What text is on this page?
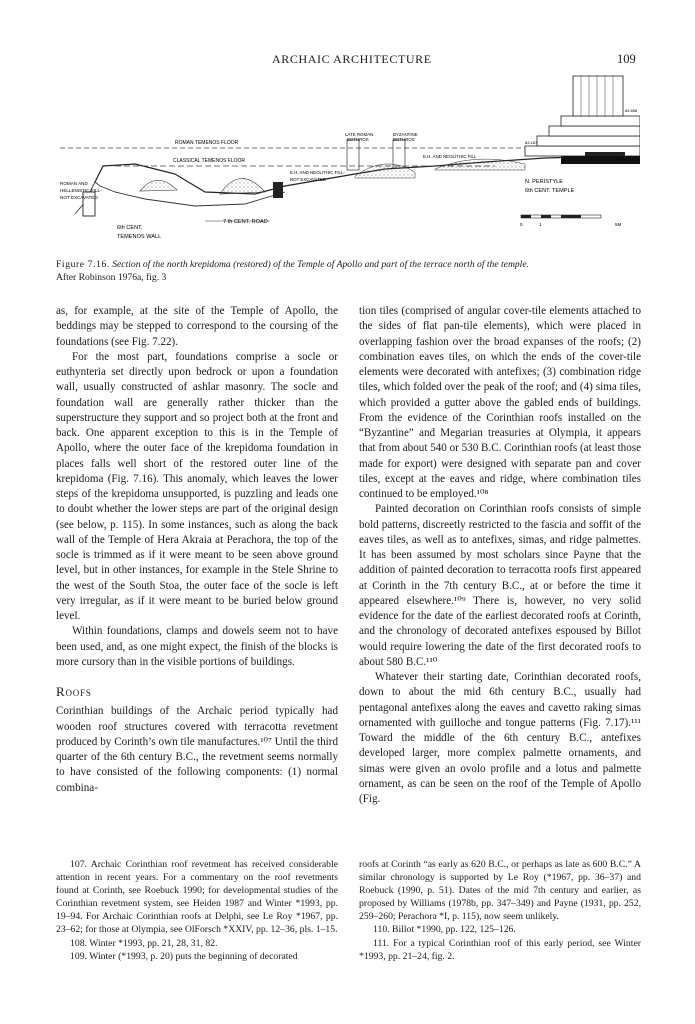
ARCHAIC ARCHITECTURE	109
ROMAN TEMENOS FLOOR
CLASSICAL TEMENOS FLOOR
ROMAN AND
HELLENISTIC FILL-
NOT EXCAVATED
LATE ROMAN
BOTHROS
BYZANTINE
BOTHROS
E.H. AND NEOLITHIC FILL
E.H. AND NEOLITHIC FILL-
NOT EXCAVATED
6th CENT.
TEMENOS WALL
7 th CENT. ROAD
N. PERISTYLE
6th CENT. TEMPLE
84.858
83.187
82.394
0	1	5M
Figure 7.16. Section of the north krepidoma (restored) of the Temple of Apollo and part of the terrace north of the temple.
After Robinson 1976a, fig. 3

as, for example, at the site of the Temple of Apollo, the beddings may be stepped to correspond to the coursing of the foundations (see Fig. 7.22).

For the most part, foundations comprise a socle or euthynteria set directly upon bedrock or upon a foundation wall, usually constructed of ashlar masonry. The socle and foundation wall are generally rather thicker than the superstructure they support and so project both at the front and back. One apparent exception to this is in the Temple of Apollo, where the outer face of the krepidoma foundation in places falls well short of the restored outer line of the krepidoma (Fig. 7.16). This anomaly, which leaves the lower steps of the krepidoma unsupported, is puzzling and leads one to doubt whether the lower steps are part of the original design (see below, p. 115). In some instances, such as along the back wall of the Temple of Hera Akraia at Perachora, the top of the socle is trimmed as if it were meant to be seen above ground level, but in other instances, for example in the Stele Shrine to the west of the South Stoa, the outer face of the socle is left very irregular, as if it were meant to be buried below ground level.

Within foundations, clamps and dowels seem not to have been used, and, as one might expect, the finish of the blocks is more cursory than in the visible portions of buildings.

Roofs

Corinthian buildings of the Archaic period typically had wooden roof structures covered with terracotta revetment produced by Corinth’s own tile manufactures.¹⁰⁷ Until the third quarter of the 6th century B.C., the revetment seems normally to have consisted of the following components: (1) normal combina-

tion tiles (comprised of angular cover-tile elements attached to the sides of flat pan-tile elements), which were placed in overlapping fashion over the broad expanses of the roofs; (2) combination eaves tiles, on which the ends of the cover-tile elements were decorated with antefixes; (3) combination ridge tiles, which folded over the peak of the roof; and (4) sima tiles, which provided a gutter above the gabled ends of buildings. From the evidence of the Corinthian roofs installed on the “Byzantine” and Megarian treasuries at Olympia, it appears that from about 540 or 530 B.C. Corinthian roofs (at least those made for export) were designed with separate pan and cover tiles, except at the eaves and ridge, where combination tiles continued to be employed.¹⁰⁸

Painted decoration on Corinthian roofs consists of simple bold patterns, discreetly restricted to the fascia and soffit of the eaves tiles, as well as to antefixes, simas, and ridge palmettes. It has been assumed by most scholars since Payne that the addition of painted decoration to terracotta roofs first appeared at Corinth in the 7th century B.C., at or before the time it appeared elsewhere.¹⁰⁹ There is, however, no very solid evidence for the date of the earliest decorated roofs at Corinth, and the chronology of decorated antefixes espoused by Billot would require lowering the date of the first decorated roofs to about 580 B.C.¹¹⁰

Whatever their starting date, Corinthian decorated roofs, down to about the mid 6th century B.C., usually had pentagonal antefixes along the eaves and cavetto raking simas ornamented with guilloche and tongue patterns (Fig. 7.17).¹¹¹ Toward the middle of the 6th century B.C., antefixes developed larger, more complex palmette ornaments, and simas were given an ovolo profile and a lotus and palmette ornament, as can be seen on the roof of the Temple of Apollo (Fig.

107. Archaic Corinthian roof revetment has received considerable attention in recent years. For a commentary on the roof revetments found at Corinth, see Roebuck 1990; for developmental studies of the Corinthian revetment system, see Heiden 1987 and Winter *1993, pp. 19–94. For Archaic Corinthian roofs at Delphi, see Le Roy *1967, pp. 23–62; for those at Olympia, see OlForsch *XXIV, pp. 12–36, pls. 1–15.

108. Winter *1993, pp. 21, 28, 31, 82.

109. Winter (*1993, p. 20) puts the beginning of decorated

roofs at Corinth “as early as 620 B.C., or perhaps as late as 600 B.C.” A similar chronology is supported by Le Roy (*1967, pp. 36–37) and Roebuck (1990, p. 51). Dates of the mid 7th century and earlier, as proposed by Williams (1978b, pp. 347–349) and Payne (1931, pp. 252, 259–260; Perachora *I, p. 115), now seem unlikely.

110. Billot *1990, pp. 122, 125–126.

111. For a typical Corinthian roof of this early period, see Winter *1993, pp. 21–24, fig. 2.
